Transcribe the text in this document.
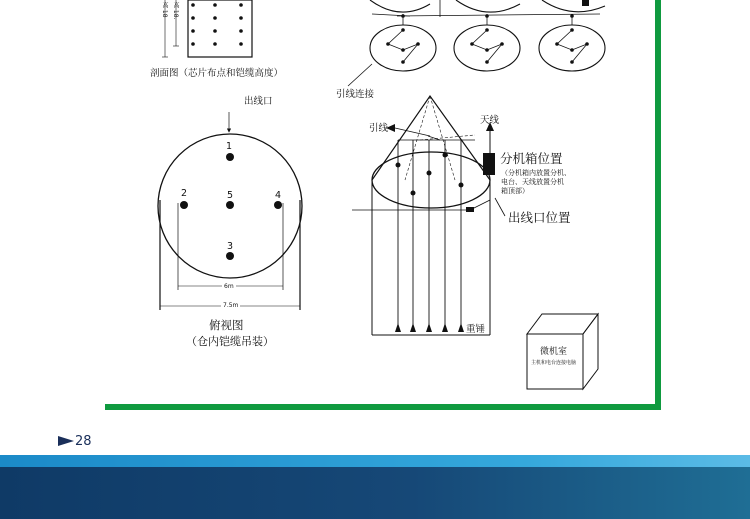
高 18 高 18.
剖面图（芯片布点和铠缆高度）
出线口
1
2	5	4
3
6m
7.5m
俯视图
（仓内铠缆吊装）
引线连接
引线
天线
分机箱位置
（分机箱内放置分机、
电台、天线放置分机
箱顶部）
出线口位置
重锤
微机室
主机和电台连接电脑
28
